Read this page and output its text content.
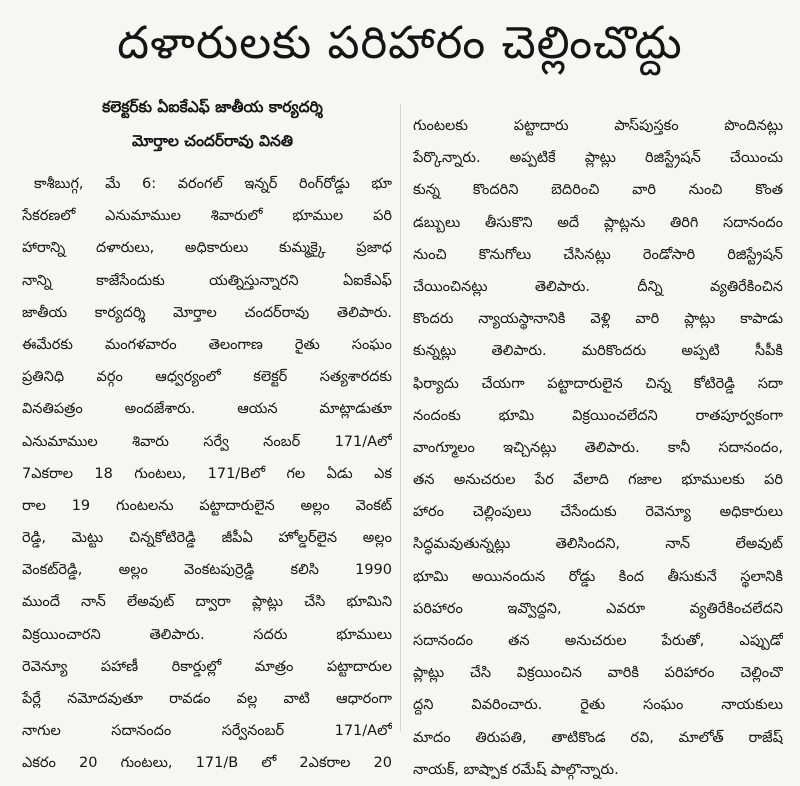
దళారులకు పరిహారం చెల్లించొద్దు
కలెక్టర్‌కు ఏఐకేఎఫ్ జాతీయ కార్యదర్శి
మోర్తాల చందర్‌రావు వినతి
కాశీబుగ్గ, మే 6: వరంగల్ ఇన్నర్ రింగ్‌రోడ్డు భూ
సేకరణలో ఎనుమాముల శివారులో భూముల పరి
హారాన్ని దళారులు, అధికారులు కుమ్మక్కై ప్రజాధ
నాన్ని కాజేసేందుకు యత్నిస్తున్నారని ఏఐకేఎఫ్
జాతీయ కార్యదర్శి మోర్తాల చందర్‌రావు తెలిపారు.
ఈమేరకు మంగళవారం తెలంగాణ రైతు సంఘం
ప్రతినిధి వర్గం ఆధ్వర్యంలో కలెక్టర్ సత్యశారదకు
వినతిపత్రం అందజేశారు. ఆయన మాట్లాడుతూ
ఎనుమాముల శివారు సర్వే నంబర్ 171/Aలో
7ఎకరాల 18 గుంటలు, 171/Bలో గల ఏడు ఎక
రాల 19 గుంటలను పట్టాదారులైన అల్లం వెంకట్
రెడ్డి, మెట్టు చిన్నకోటిరెడ్డి జీపీఏ హోల్డర్‌లైన అల్లం
వెంకట్‌రెడ్డి, అల్లం వెంకటపుర్రెడ్డి కలిసి 1990
ముందే నాన్ లేఅవుట్ ద్వారా ప్లాట్లు చేసి భూమిని
విక్రయించారని తెలిపారు. సదరు భూములు
రెవెన్యూ పహాణీ రికార్డుల్లో మాత్రం పట్టాదారుల
పేర్లే నమోదవుతూ రావడం వల్ల వాటి ఆధారంగా
నాగుల సదానందం సర్వేనంబర్ 171/Aలో
ఎకరం 20 గుంటలు, 171/B లో 2ఎకరాల 20
గుంటలకు పట్టాదారు పాస్‌పుస్తకం పొందినట్లు
పేర్కొన్నారు. అప్పటికే ప్లాట్లు రిజిస్ట్రేషన్ చేయించు
కున్న కొందరిని బెదిరించి వారి నుంచి కొంత
డబ్బులు తీసుకొని అదే ప్లాట్లను తిరిగి సదానందం
నుంచి కొనుగోలు చేసినట్లు రెండోసారి రిజిస్ట్రేషన్
చేయించినట్లు తెలిపారు. దీన్ని వ్యతిరేకించిన
కొందరు న్యాయస్థానానికి వెళ్లి వారి ప్లాట్లు కాపాడు
కున్నట్లు తెలిపారు. మరికొందరు అప్పటి సీపీకి
ఫిర్యాదు చేయగా పట్టాదారులైన చిన్న కోటిరెడ్డి సదా
నందంకు భూమి విక్రయించలేదని రాతపూర్వకంగా
వాంగ్మూలం ఇచ్చినట్లు తెలిపారు. కానీ సదానందం,
తన అనుచరుల పేర వేలాది గజాల భూములకు పరి
హారం చెల్లింపులు చేసేందుకు రెవెన్యూ అధికారులు
సిద్ధమవుతున్నట్లు తెలిసిందని, నాన్ లేఅవుట్
భూమి అయినందున రోడ్డు కింద తీసుకునే స్థలానికి
పరిహారం ఇవ్వొద్దని, ఎవరూ వ్యతిరేకించలేదని
సదానందం తన అనుచరుల పేరుతో, ఎప్పుడో
ప్లాట్లు చేసి విక్రయించిన వారికి పరిహారం చెల్లించొ
ద్దని వివరించారు. రైతు సంఘం నాయకులు
మాదం తిరుపతి, తాటికొండ రవి, మాలోత్ రాజేష్
నాయక్, బాష్పాక రమేష్ పాల్గొన్నారు.
